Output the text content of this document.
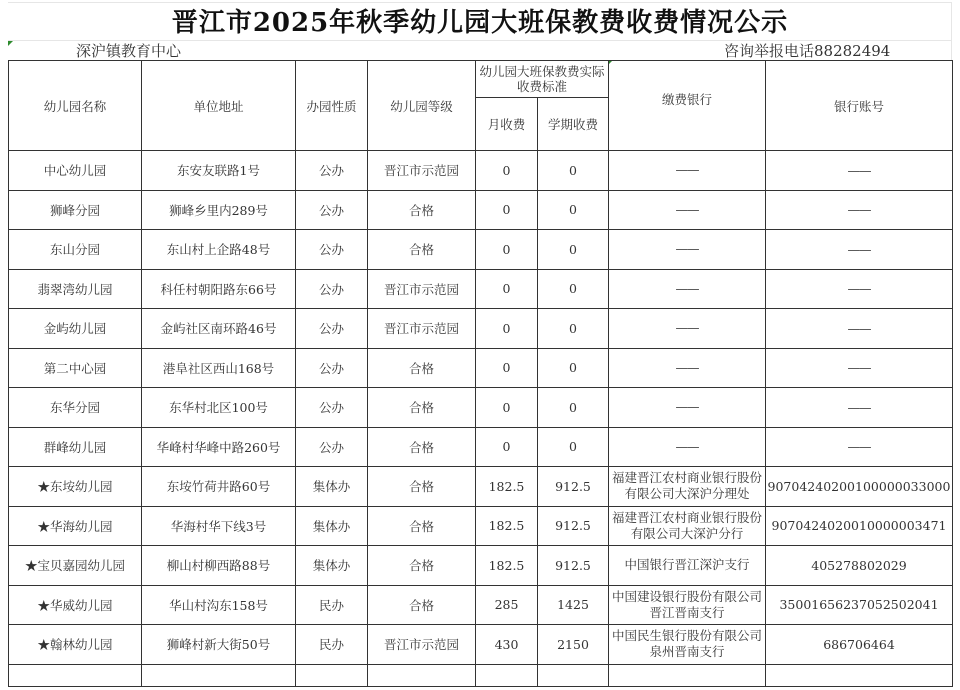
晋江市2025年秋季幼儿园大班保教费收费情况公示
深沪镇教育中心	咨询举报电话88282494
幼儿园名称	单位地址	办园性质	幼儿园等级	幼儿园大班保教费实际收费标准		缴费银行	银行账号
				月收费	学期收费		
中心幼儿园	东安友联路1号	公办	晋江市示范园	0	0	——	——
狮峰分园	狮峰乡里内289号	公办	合格	0	0	——	——
东山分园	东山村上企路48号	公办	合格	0	0	——	——
翡翠湾幼儿园	科任村朝阳路东66号	公办	晋江市示范园	0	0	——	——
金屿幼儿园	金屿社区南环路46号	公办	晋江市示范园	0	0	——	——
第二中心园	港阜社区西山168号	公办	合格	0	0	——	——
东华分园	东华村北区100号	公办	合格	0	0	——	——
群峰幼儿园	华峰村华峰中路260号	公办	合格	0	0	——	——
★东垵幼儿园	东垵竹荷井路60号	集体办	合格	182.5	912.5	福建晋江农村商业银行股份有限公司大深沪分理处	90704240200100000033000
★华海幼儿园	华海村华下线3号	集体办	合格	182.5	912.5	福建晋江农村商业银行股份有限公司大深沪分行	9070424020010000003471
★宝贝嘉园幼儿园	柳山村柳西路88号	集体办	合格	182.5	912.5	中国银行晋江深沪支行	405278802029
★华威幼儿园	华山村沟东158号	民办	合格	285	1425	中国建设银行股份有限公司晋江晋南支行	35001656237052502041
★翰林幼儿园	狮峰村新大街50号	民办	晋江市示范园	430	2150	中国民生银行股份有限公司泉州晋南支行	686706464
